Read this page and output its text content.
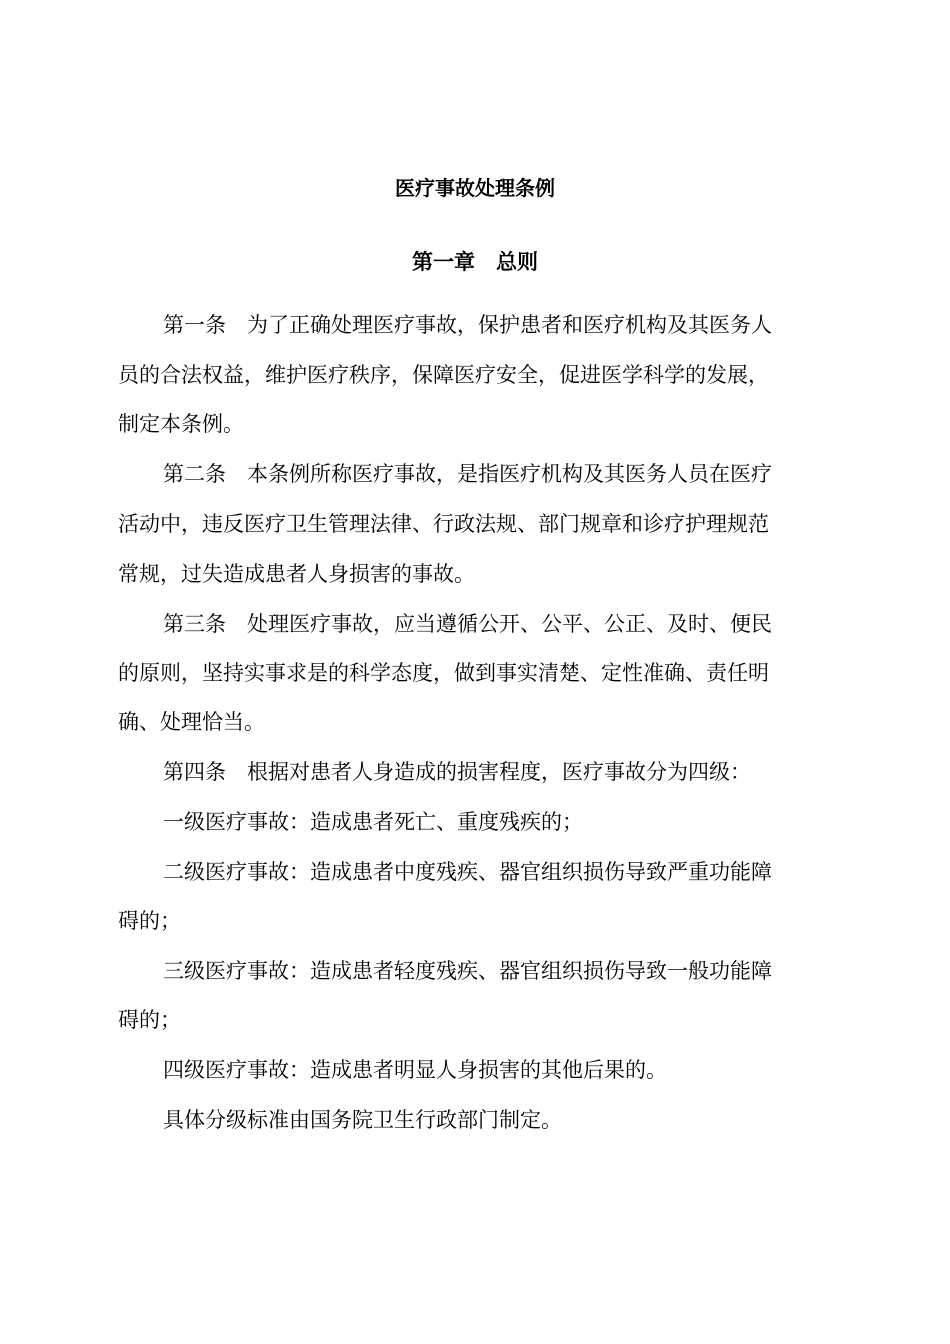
医疗事故处理条例
第一章　总则
第一条　为了正确处理医疗事故，保护患者和医疗机构及其医务人
员的合法权益，维护医疗秩序，保障医疗安全，促进医学科学的发展，
制定本条例。
第二条　本条例所称医疗事故，是指医疗机构及其医务人员在医疗
活动中，违反医疗卫生管理法律、行政法规、部门规章和诊疗护理规范
常规，过失造成患者人身损害的事故。
第三条　处理医疗事故，应当遵循公开、公平、公正、及时、便民
的原则，坚持实事求是的科学态度，做到事实清楚、定性准确、责任明
确、处理恰当。
第四条　根据对患者人身造成的损害程度，医疗事故分为四级：
一级医疗事故：造成患者死亡、重度残疾的；
二级医疗事故：造成患者中度残疾、器官组织损伤导致严重功能障
碍的；
三级医疗事故：造成患者轻度残疾、器官组织损伤导致一般功能障
碍的；
四级医疗事故：造成患者明显人身损害的其他后果的。
具体分级标准由国务院卫生行政部门制定。
